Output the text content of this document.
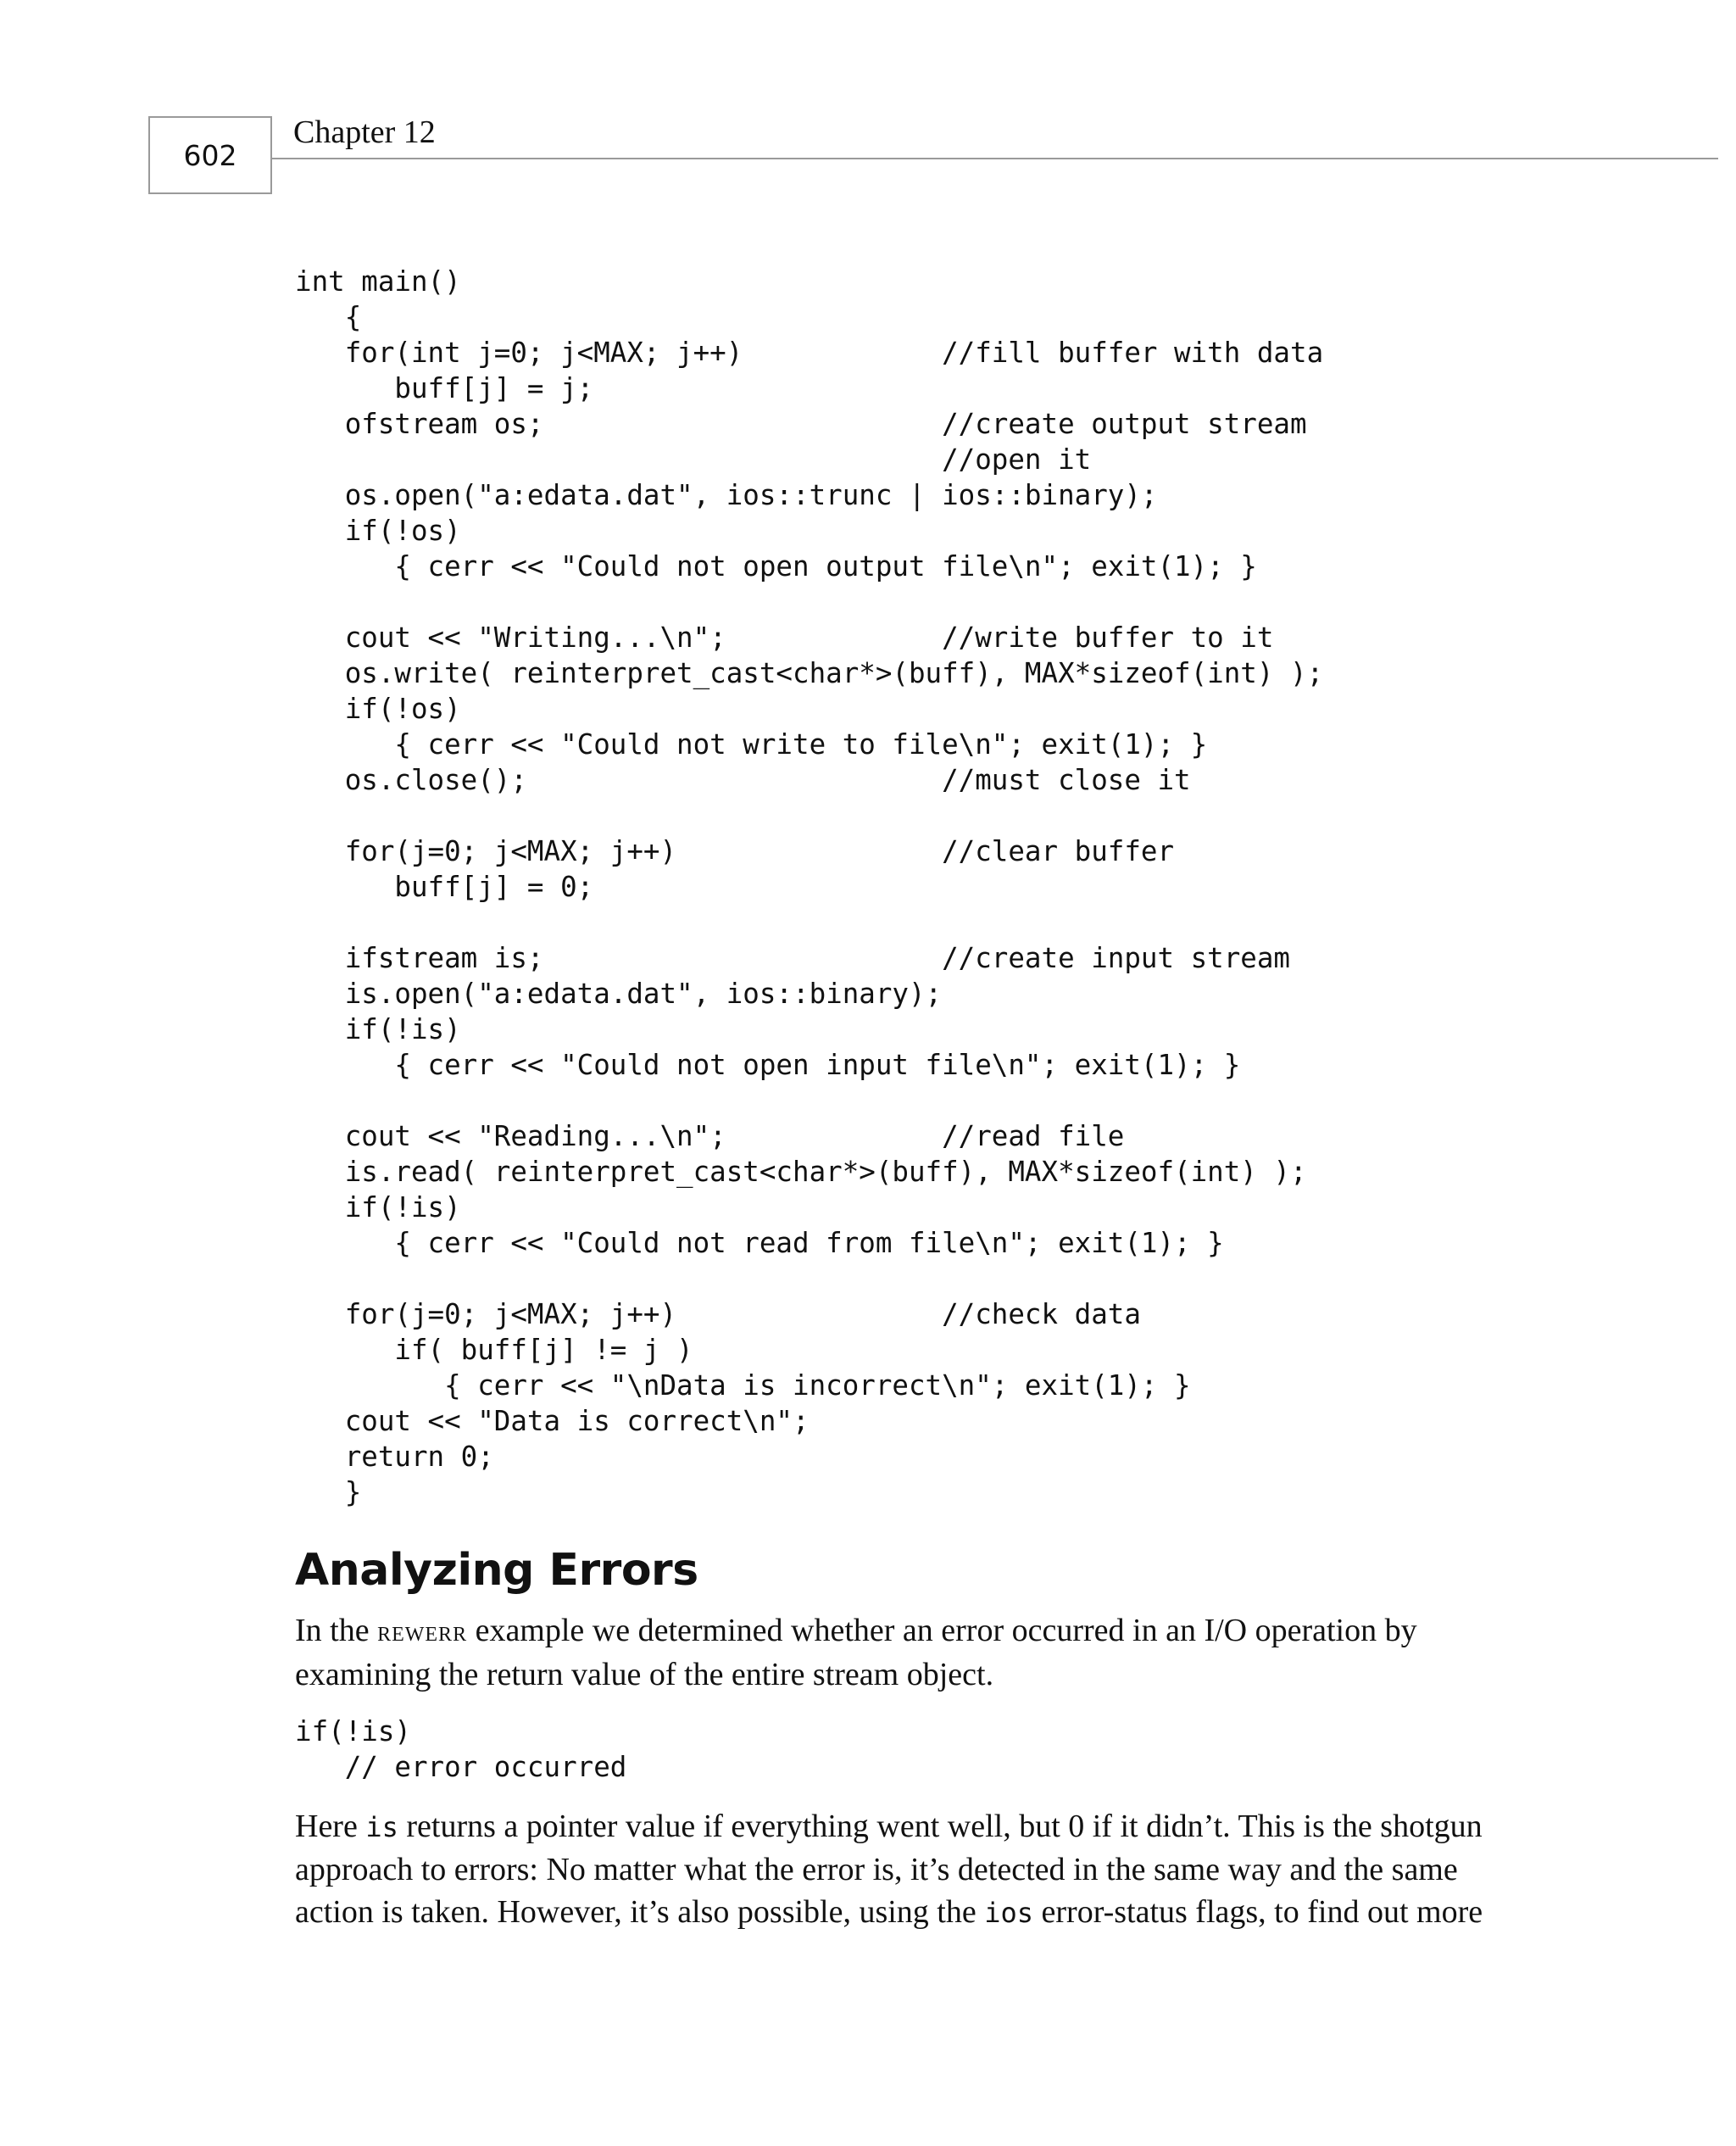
602
Chapter 12
int main()
{
for(int j=0; j<MAX; j++)            //fill buffer with data
buff[j] = j;
ofstream os;                        //create output stream
//open it
os.open("a:edata.dat", ios::trunc | ios::binary);
if(!os)
{ cerr << "Could not open output file\n"; exit(1); }

cout << "Writing...\n";             //write buffer to it
os.write( reinterpret_cast<char*>(buff), MAX*sizeof(int) );
if(!os)
{ cerr << "Could not write to file\n"; exit(1); }
os.close();                         //must close it

for(j=0; j<MAX; j++)                //clear buffer
buff[j] = 0;

ifstream is;                        //create input stream
is.open("a:edata.dat", ios::binary);
if(!is)
{ cerr << "Could not open input file\n"; exit(1); }

cout << "Reading...\n";             //read file
is.read( reinterpret_cast<char*>(buff), MAX*sizeof(int) );
if(!is)
{ cerr << "Could not read from file\n"; exit(1); }

for(j=0; j<MAX; j++)                //check data
if( buff[j] != j )
{ cerr << "\nData is incorrect\n"; exit(1); }
cout << "Data is correct\n";
return 0;
}
Analyzing Errors

In the rewerr example we determined whether an error occurred in an I/O operation by examining the return value of the entire stream object.

if(!is)
// error occurred

Here is returns a pointer value if everything went well, but 0 if it didn’t. This is the shotgun approach to errors: No matter what the error is, it’s detected in the same way and the same action is taken. However, it’s also possible, using the ios error-status flags, to find out more
